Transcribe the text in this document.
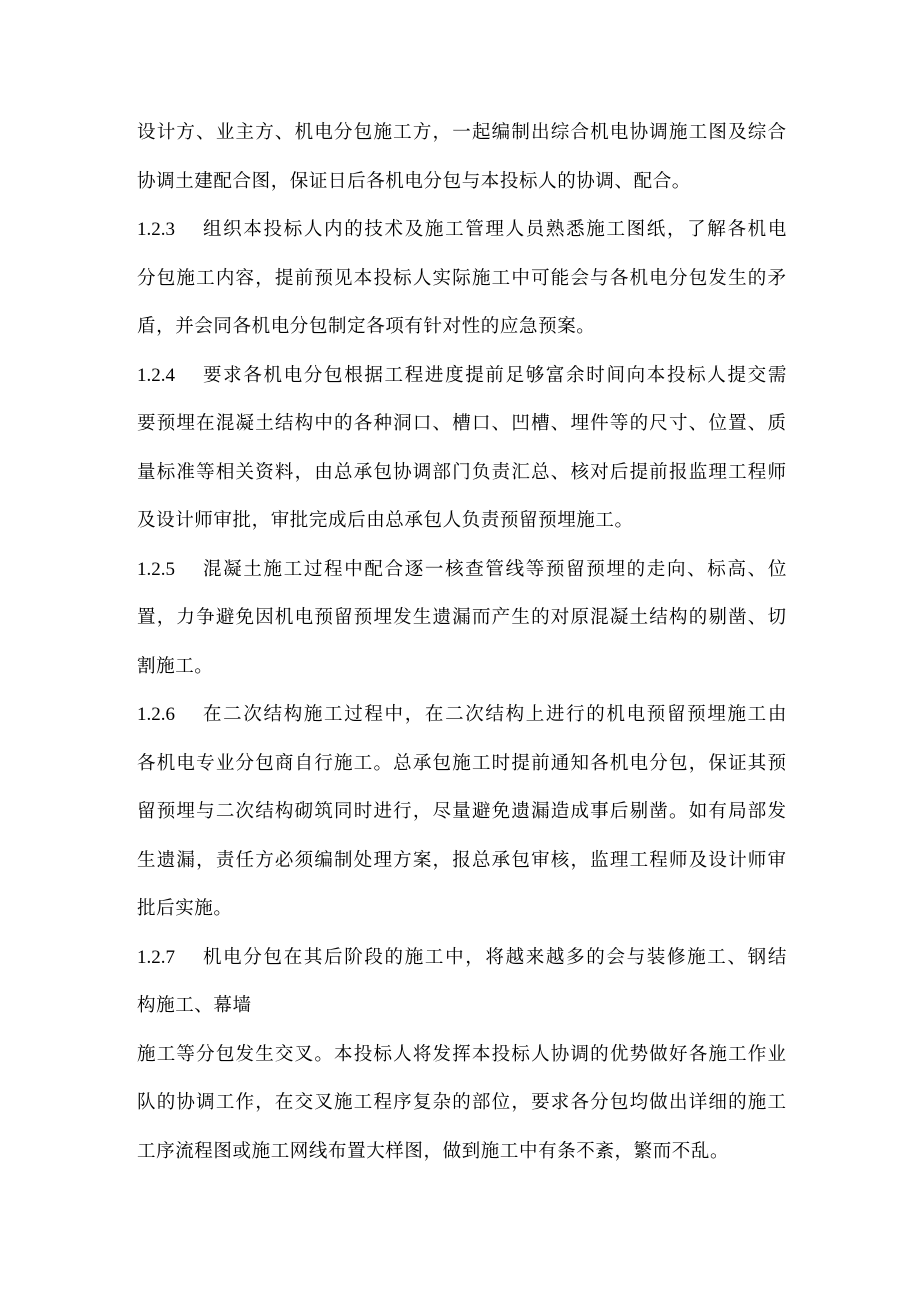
设 计 方 、 业 主 方 、 机 电 分 包 施 工 方 ， 一 起 编 制 出 综 合 机 电 协 调 施 工 图 及 综 合
协调土建配合图，保证日后各机电分包与本投标人的协调、配合。
1.2.3	组 织 本 投 标 人 内 的 技 术 及 施 工 管 理 人 员 熟 悉 施 工 图 纸 ， 了 解 各 机 电
分 包 施 工 内 容 ， 提 前 预 见 本 投 标 人 实 际 施 工 中 可 能 会 与 各 机 电 分 包 发 生 的 矛
盾，并会同各机电分包制定各项有针对性的应急预案。
1.2.4	要 求 各 机 电 分 包 根 据 工 程 进 度 提 前 足 够 富 余 时 间 向 本 投 标 人 提 交 需
要 预 埋 在 混 凝 土 结 构 中 的 各 种 洞 口 、 槽 口 、 凹 槽 、 埋 件 等 的 尺 寸 、 位 置 、 质
量 标 准 等 相 关 资 料 ， 由 总 承 包 协 调 部 门 负 责 汇 总 、 核 对 后 提 前 报 监 理 工 程 师
及设计师审批，审批完成后由总承包人负责预留预埋施工。
1.2.5	混 凝 土 施 工 过 程 中 配 合 逐 一 核 查 管 线 等 预 留 预 埋 的 走 向 、 标 高 、 位
置 ， 力 争 避 免 因 机 电 预 留 预 埋 发 生 遗 漏 而 产 生 的 对 原 混 凝 土 结 构 的 剔 凿 、 切
割施工。
1.2.6	在 二 次 结 构 施 工 过 程 中 ， 在 二 次 结 构 上 进 行 的 机 电 预 留 预 埋 施 工 由
各 机 电 专 业 分 包 商 自 行 施 工 。 总 承 包 施 工 时 提 前 通 知 各 机 电 分 包 ， 保 证 其 预
留 预 埋 与 二 次 结 构 砌 筑 同 时 进 行 ， 尽 量 避 免 遗 漏 造 成 事 后 剔 凿 。 如 有 局 部 发
生 遗 漏 ， 责 任 方 必 须 编 制 处 理 方 案 ， 报 总 承 包 审 核 ， 监 理 工 程 师 及 设 计 师 审
批后实施。
1.2.7	机 电 分 包 在 其 后 阶 段 的 施 工 中 ， 将 越 来 越 多 的 会 与 装 修 施 工 、 钢 结
构施工、幕墙
施 工 等 分 包 发 生 交 叉 。 本 投 标 人 将 发 挥 本 投 标 人 协 调 的 优 势 做 好 各 施 工 作 业
队 的 协 调 工 作 ， 在 交 叉 施 工 程 序 复 杂 的 部 位 ， 要 求 各 分 包 均 做 出 详 细 的 施 工
工序流程图或施工网线布置大样图，做到施工中有条不紊，繁而不乱。
